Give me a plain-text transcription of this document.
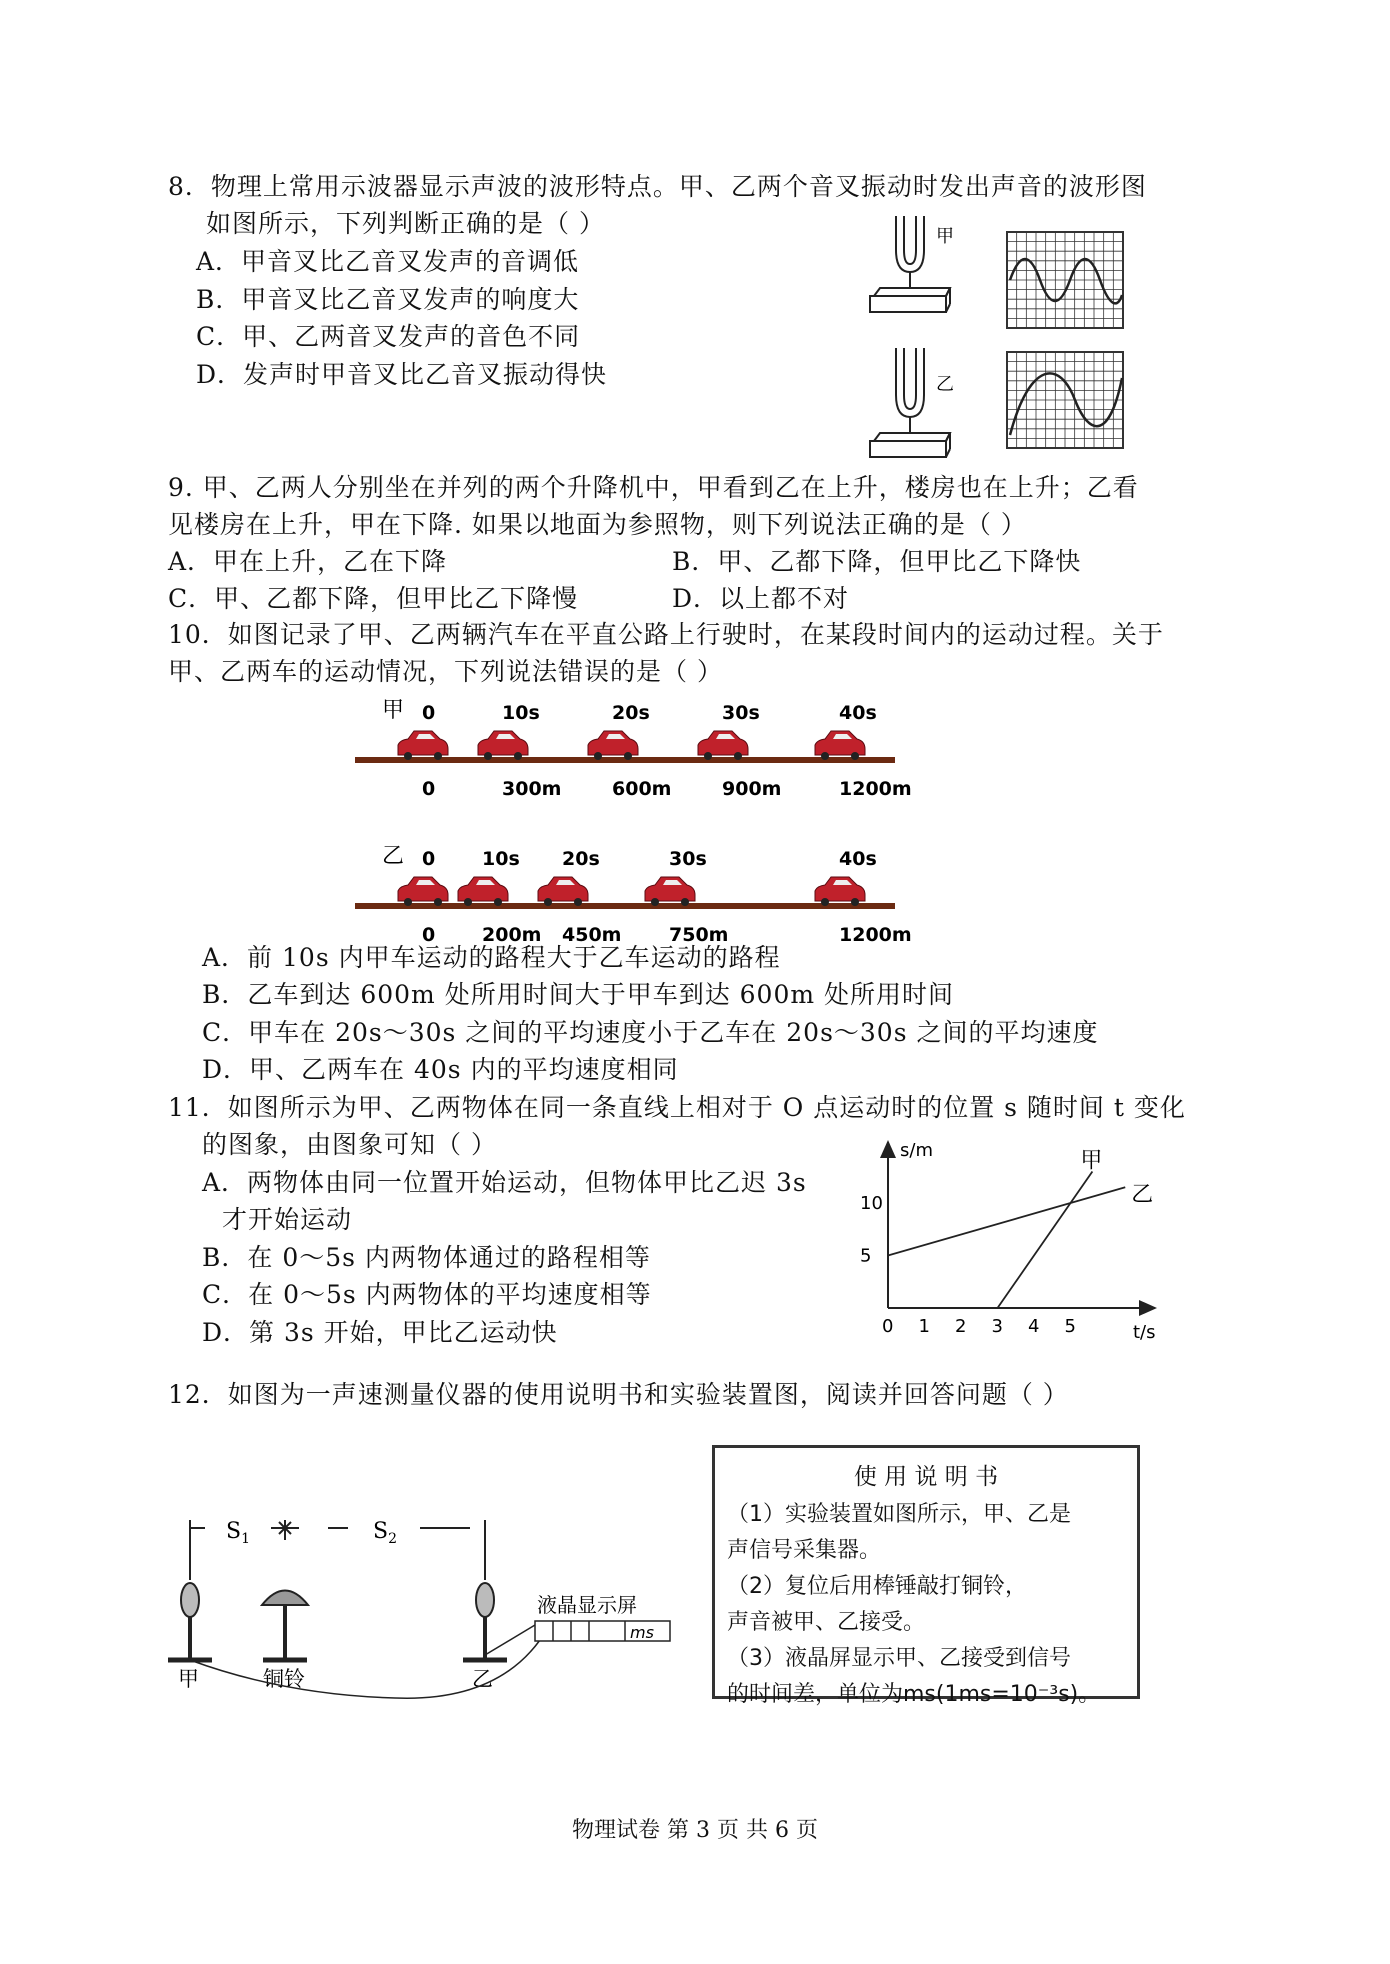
8．物理上常用示波器显示声波的波形特点。甲、乙两个音叉振动时发出声音的波形图
如图所示，下列判断正确的是（ ）
A．甲音叉比乙音叉发声的音调低
B．甲音叉比乙音叉发声的响度大
C．甲、乙两音叉发声的音色不同
D．发声时甲音叉比乙音叉振动得快
甲
乙
9. 甲、乙两人分别坐在并列的两个升降机中，甲看到乙在上升，楼房也在上升；乙看
见楼房在上升，甲在下降. 如果以地面为参照物，则下列说法正确的是（ ）
A．甲在上升，乙在下降	B．甲、乙都下降，但甲比乙下降快
C．甲、乙都下降，但甲比乙下降慢	D．以上都不对
10．如图记录了甲、乙两辆汽车在平直公路上行驶时，在某段时间内的运动过程。关于
甲、乙两车的运动情况，下列说法错误的是（ ）
甲 0
0
10s
300m
20s
600m
30s
900m
40s
1200m
乙 0
0
10s
200m
20s
450m
30s
750m
40s
1200m
A．前 10s 内甲车运动的路程大于乙车运动的路程
B．乙车到达 600m 处所用时间大于甲车到达 600m 处所用时间
C．甲车在 20s～30s 之间的平均速度小于乙车在 20s～30s 之间的平均速度
D．甲、乙两车在 40s 内的平均速度相同
11．如图所示为甲、乙两物体在同一条直线上相对于 O 点运动时的位置 s 随时间 t 变化
的图象，由图象可知（ ）
A．两物体由同一位置开始运动，但物体甲比乙迟 3s
才开始运动
B．在 0～5s 内两物体通过的路程相等
C．在 0～5s 内两物体的平均速度相等
D．第 3s 开始，甲比乙运动快
s/m
t/s
0 1 2 3 4 5
5
10
甲
乙
12．如图为一声速测量仪器的使用说明书和实验装置图，阅读并回答问题（ ）
$S_1$	$S_2$
甲	铜铃	乙
液晶显示屏
ms
使 用 说 明 书
（1）实验装置如图所示，甲、乙是
声信号采集器。
（2）复位后用棒锤敲打铜铃，
声音被甲、乙接受。
（3）液晶屏显示甲、乙接受到信号
的时间差，单位为ms(1ms=10⁻³s)。
物理试卷 第 3 页 共 6 页
